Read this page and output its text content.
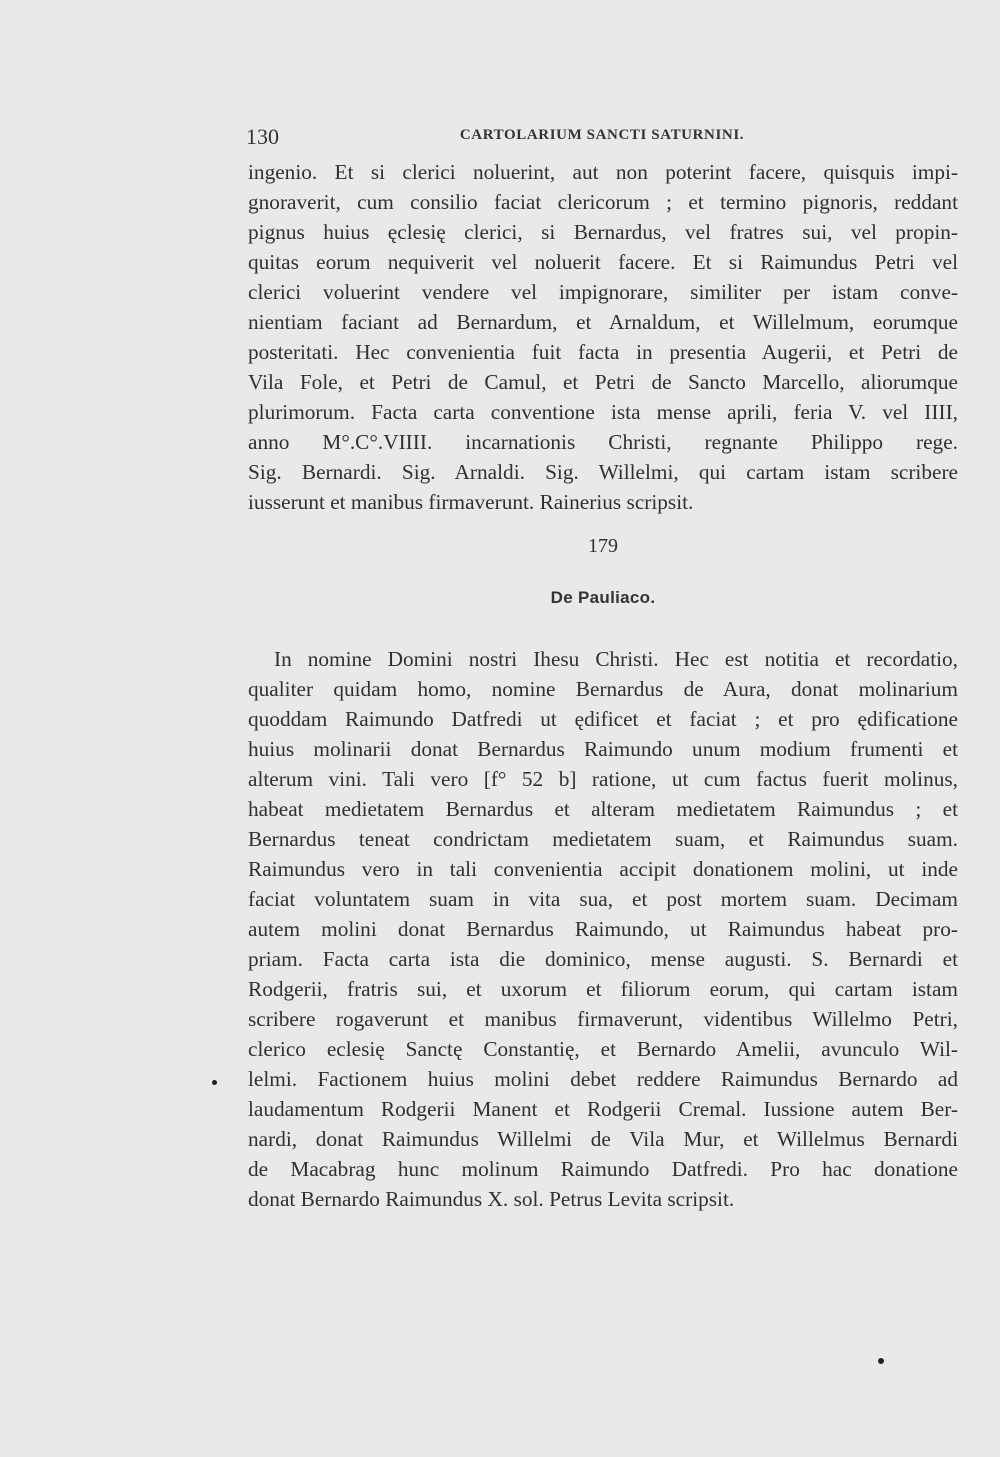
130	CARTOLARIUM SANCTI SATURNINI.
ingenio. Et si clerici noluerint, aut non poterint facere, quisquis impi-
gnoraverit, cum consilio faciat clericorum ; et termino pignoris, reddant
pignus huius ęclesię clerici, si Bernardus, vel fratres sui, vel propin-
quitas eorum nequiverit vel noluerit facere. Et si Raimundus Petri vel
clerici voluerint vendere vel impignorare, similiter per istam conve-
nientiam faciant ad Bernardum, et Arnaldum, et Willelmum, eorumque
posteritati. Hec convenientia fuit facta in presentia Augerii, et Petri de
Vila Fole, et Petri de Camul, et Petri de Sancto Marcello, aliorumque
plurimorum. Facta carta conventione ista mense aprili, feria V. vel IIII,
anno M°.C°.VIIII. incarnationis Christi, regnante Philippo rege.
Sig. Bernardi. Sig. Arnaldi. Sig. Willelmi, qui cartam istam scribere
iusserunt et manibus firmaverunt. Rainerius scripsit.
179
De Pauliaco.
In nomine Domini nostri Ihesu Christi. Hec est notitia et recordatio,
qualiter quidam homo, nomine Bernardus de Aura, donat molinarium
quoddam Raimundo Datfredi ut ędificet et faciat ; et pro ędificatione
huius molinarii donat Bernardus Raimundo unum modium frumenti et
alterum vini. Tali vero [f° 52 b] ratione, ut cum factus fuerit molinus,
habeat medietatem Bernardus et alteram medietatem Raimundus ; et
Bernardus teneat condrictam medietatem suam, et Raimundus suam.
Raimundus vero in tali convenientia accipit donationem molini, ut inde
faciat voluntatem suam in vita sua, et post mortem suam. Decimam
autem molini donat Bernardus Raimundo, ut Raimundus habeat pro-
priam. Facta carta ista die dominico, mense augusti. S. Bernardi et
Rodgerii, fratris sui, et uxorum et filiorum eorum, qui cartam istam
scribere rogaverunt et manibus firmaverunt, videntibus Willelmo Petri,
clerico eclesię Sanctę Constantię, et Bernardo Amelii, avunculo Wil-
lelmi. Factionem huius molini debet reddere Raimundus Bernardo ad
laudamentum Rodgerii Manent et Rodgerii Cremal. Iussione autem Ber-
nardi, donat Raimundus Willelmi de Vila Mur, et Willelmus Bernardi
de Macabrag hunc molinum Raimundo Datfredi. Pro hac donatione
donat Bernardo Raimundus X. sol. Petrus Levita scripsit.
